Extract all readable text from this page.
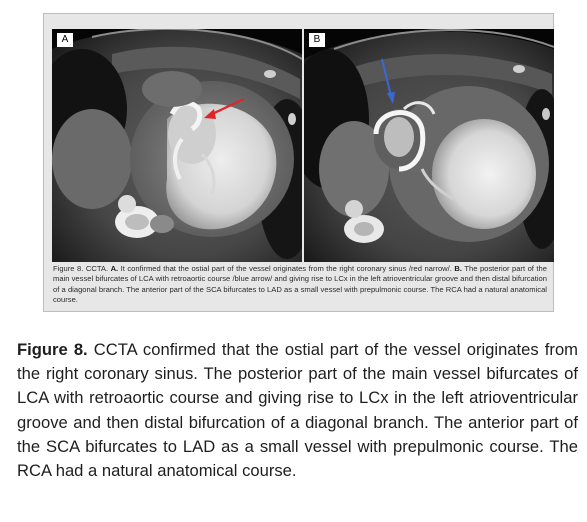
A	B
Figure 8. CCTA. A. It confirmed that the ostial part of the vessel originates from the right coronary sinus /red narrow/. B. The posterior part of the main vessel bifurcates of LCA with retroaortic course /blue arrow/ and giving rise to LCx in the left atrioventricular groove and then distal bifurcation of a diagonal branch. The anterior part of the SCA bifurcates to LAD as a small vessel with prepulmonic course. The RCA had a natural anatomical course.
Figure 8. CCTA confirmed that the ostial part of the vessel originates from the right coronary sinus. The posterior part of the main vessel bifurcates of LCA with retroaortic course and giving rise to LCx in the left atrioventricular groove and then distal bifurcation of a diagonal branch. The anterior part of the SCA bifurcates to LAD as a small vessel with prepulmonic course. The RCA had a natural anatomical course.
